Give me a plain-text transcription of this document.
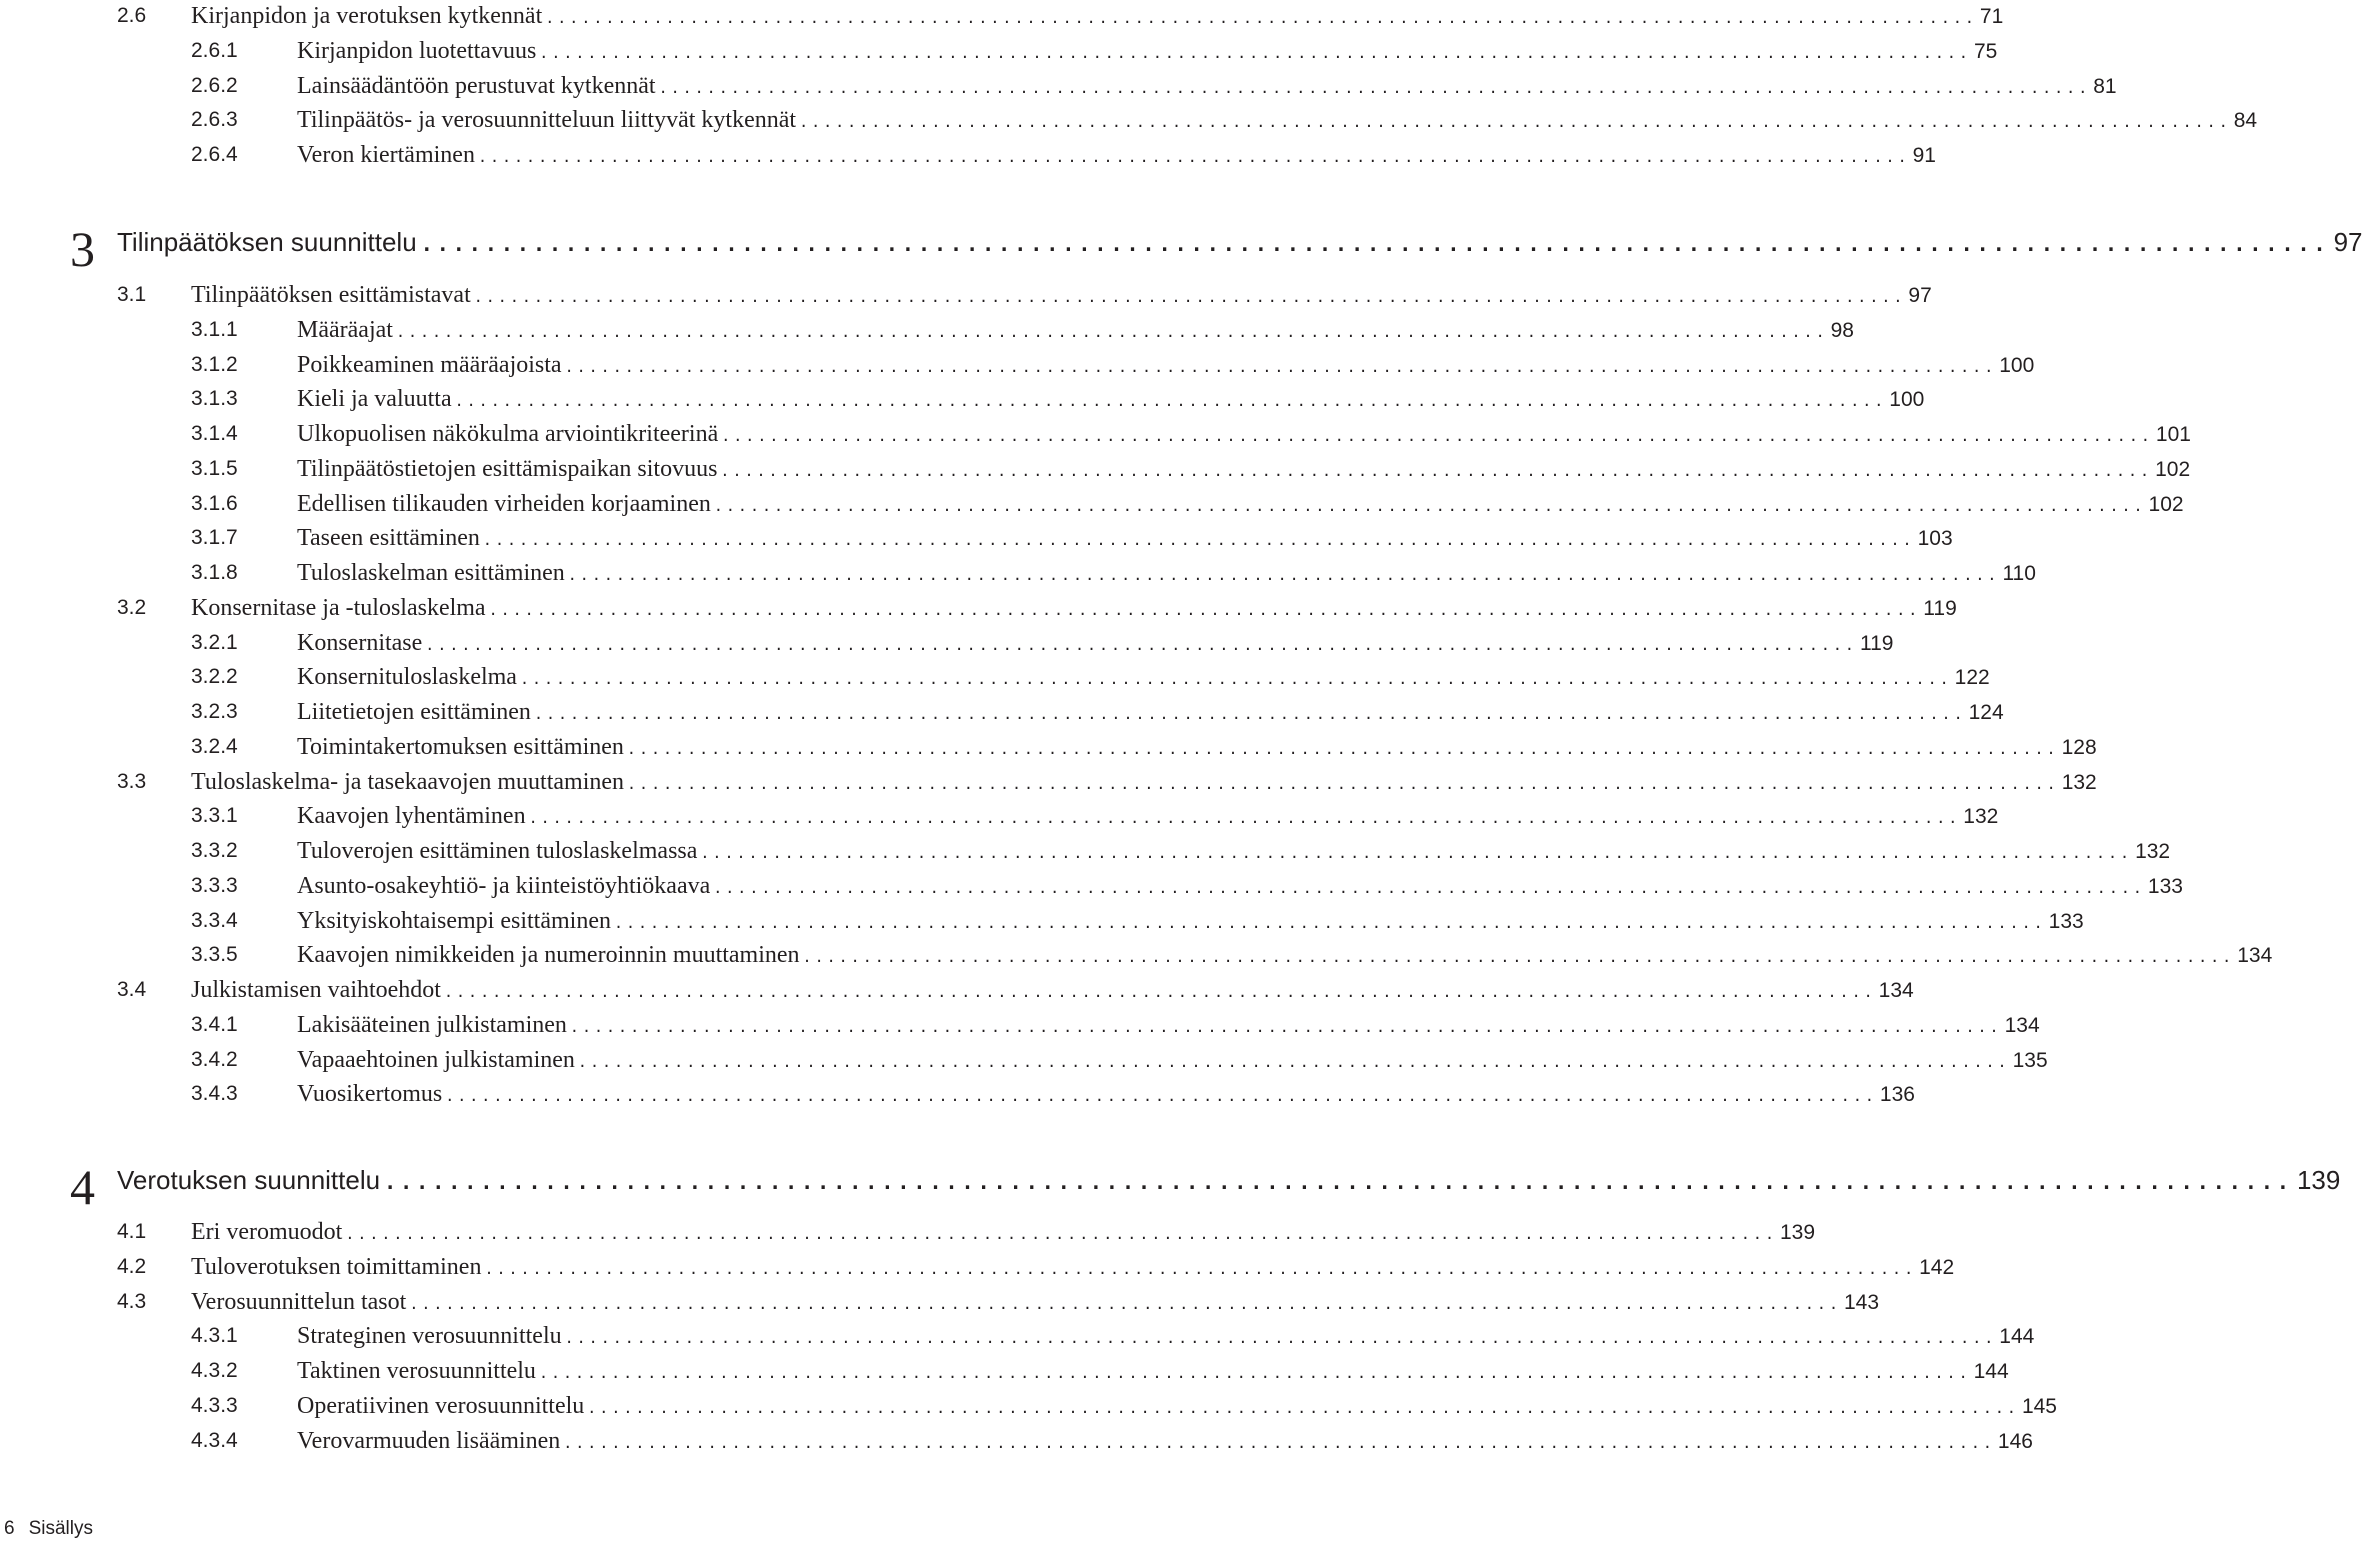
2.6 Kirjanpidon ja verotuksen kytkennät ....................................................................................................................... 71
2.6.1 Kirjanpidon luotettavuus ....................................................................................................................... 75
2.6.2 Lainsäädäntöön perustuvat kytkennät ....................................................................................................................... 81
2.6.3 Tilinpäätös- ja verosuunnitteluun liittyvät kytkennät ....................................................................................................................... 84
2.6.4 Veron kiertäminen ....................................................................................................................... 91
3 Tilinpäätöksen suunnittelu ....................................................................................................................... 97
3.1 Tilinpäätöksen esittämistavat ....................................................................................................................... 97
3.1.1 Määräajat ....................................................................................................................... 98
3.1.2 Poikkeaminen määräajoista ....................................................................................................................... 100
3.1.3 Kieli ja valuutta ....................................................................................................................... 100
3.1.4 Ulkopuolisen näkökulma arviointikriteerinä ....................................................................................................................... 101
3.1.5 Tilinpäätöstietojen esittämispaikan sitovuus ....................................................................................................................... 102
3.1.6 Edellisen tilikauden virheiden korjaaminen ....................................................................................................................... 102
3.1.7 Taseen esittäminen ....................................................................................................................... 103
3.1.8 Tuloslaskelman esittäminen ....................................................................................................................... 110
3.2 Konsernitase ja -tuloslaskelma ....................................................................................................................... 119
3.2.1 Konsernitase ....................................................................................................................... 119
3.2.2 Konsernituloslaskelma ....................................................................................................................... 122
3.2.3 Liitetietojen esittäminen ....................................................................................................................... 124
3.2.4 Toimintakertomuksen esittäminen ....................................................................................................................... 128
3.3 Tuloslaskelma- ja tasekaavojen muuttaminen ....................................................................................................................... 132
3.3.1 Kaavojen lyhentäminen ....................................................................................................................... 132
3.3.2 Tuloverojen esittäminen tuloslaskelmassa ....................................................................................................................... 132
3.3.3 Asunto-osakeyhtiö- ja kiinteistöyhtiökaava ....................................................................................................................... 133
3.3.4 Yksityiskohtaisempi esittäminen ....................................................................................................................... 133
3.3.5 Kaavojen nimikkeiden ja numeroinnin muuttaminen ....................................................................................................................... 134
3.4 Julkistamisen vaihtoehdot ....................................................................................................................... 134
3.4.1 Lakisääteinen julkistaminen ....................................................................................................................... 134
3.4.2 Vapaaehtoinen julkistaminen ....................................................................................................................... 135
3.4.3 Vuosikertomus ....................................................................................................................... 136
4 Verotuksen suunnittelu ....................................................................................................................... 139
4.1 Eri veromuodot ....................................................................................................................... 139
4.2 Tuloverotuksen toimittaminen ....................................................................................................................... 142
4.3 Verosuunnittelun tasot ....................................................................................................................... 143
4.3.1 Strateginen verosuunnittelu ....................................................................................................................... 144
4.3.2 Taktinen verosuunnittelu ....................................................................................................................... 144
4.3.3 Operatiivinen verosuunnittelu ....................................................................................................................... 145
4.3.4 Verovarmuuden lisääminen ....................................................................................................................... 146
6 Sisällys
